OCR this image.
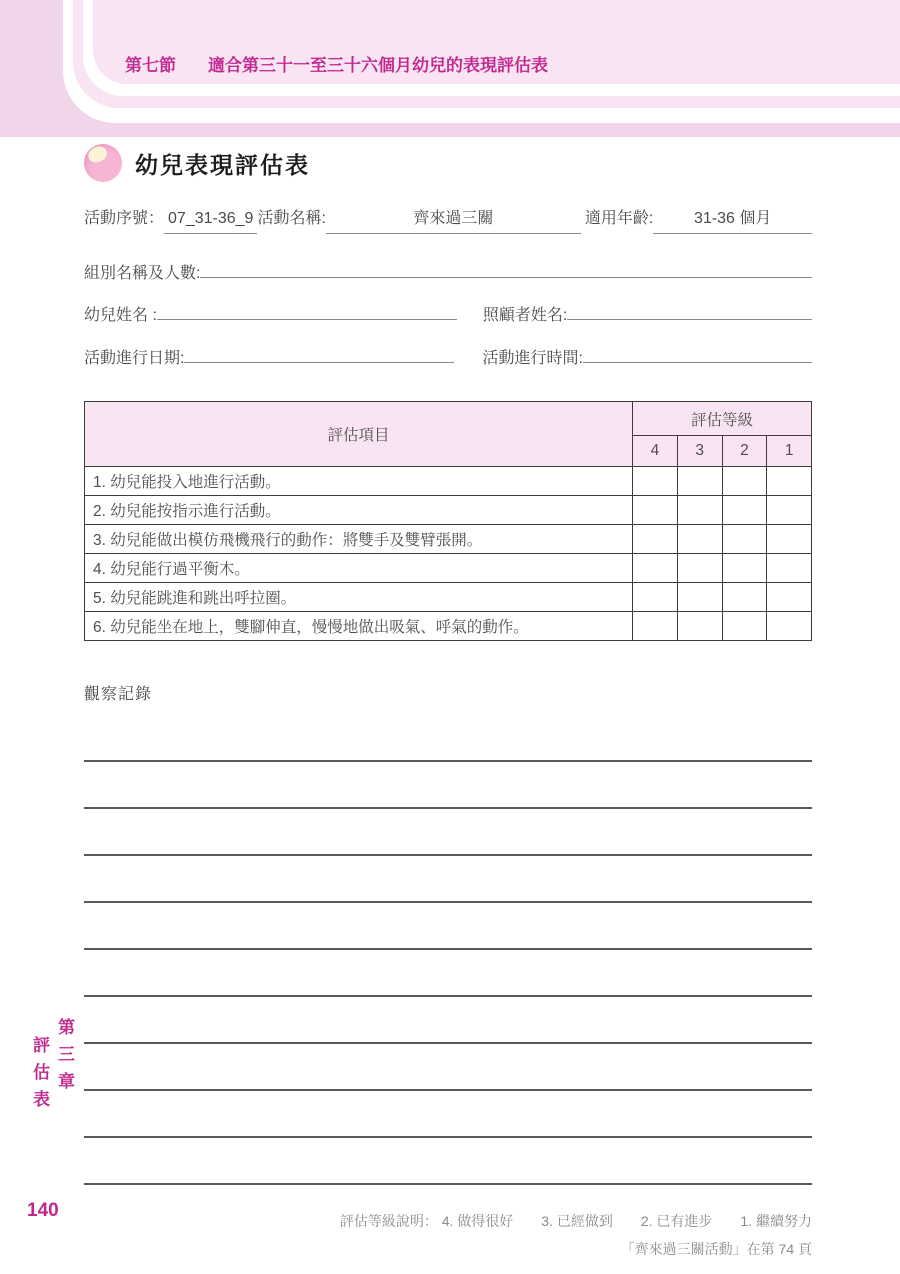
第七節 適合第三十一至三十六個月幼兒的表現評估表
幼兒表現評估表
活動序號： 07_31-36_9 活動名稱:	齊來過三關	適用年齡:	31-36 個月
組別名稱及人數:
幼兒姓名 :	照顧者姓名:
活動進行日期:	活動進行時間:
評估項目	評估等級			
	4	3	2	1
1. 幼兒能投入地進行活動。				
2. 幼兒能按指示進行活動。				
3. 幼兒能做出模仿飛機飛行的動作：將雙手及雙臂張開。				
4. 幼兒能行過平衡木。				
5. 幼兒能跳進和跳出呼拉圈。				
6. 幼兒能坐在地上，雙腳伸直，慢慢地做出吸氣、呼氣的動作。				
觀察記錄
評估等級說明： 4. 做得很好　　3. 已經做到　　2. 已有進步　　1. 繼續努力
「齊來過三關活動」在第 74 頁
第三章
評估表
140
